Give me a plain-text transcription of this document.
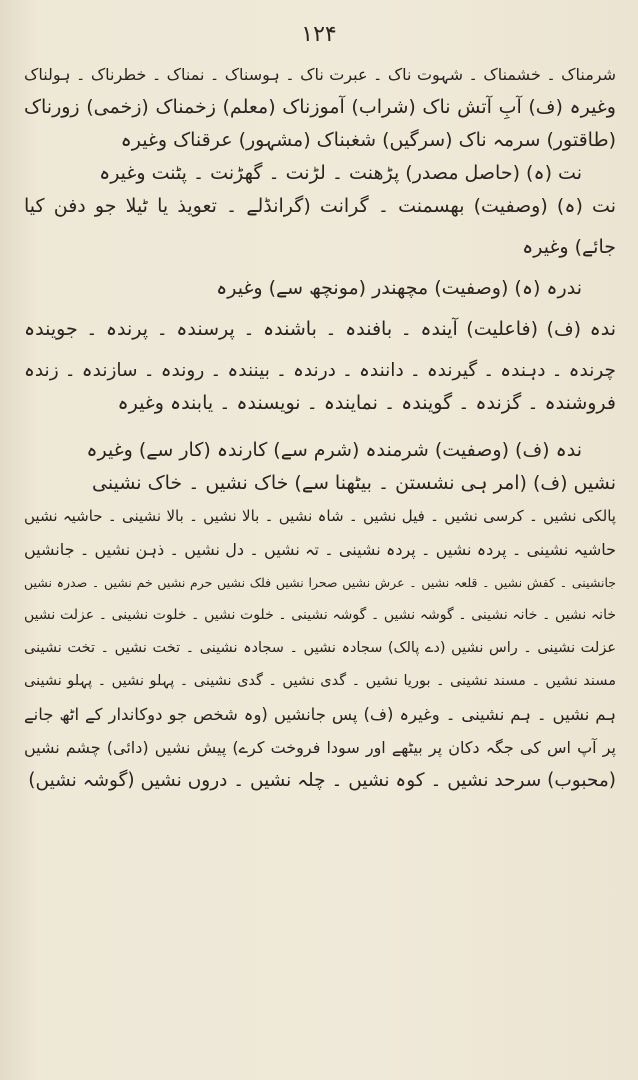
۱۲۴
شرمناک ۔ خشمناک ۔ شہوت ناک ۔ عبرت ناک ۔ ہوسناک ۔ نمناک ۔ خطرناک ۔ ہولناک
وغیرہ (ف) آبِ آتش ناک (شراب) آموزناک (معلم) زخمناک (زخمی) زورناک
(طاقتور) سرمہ ناک (سرگیں) شغبناک (مشہور) عرقناک وغیرہ
نت (ہ) (حاصل مصدر) پڑھنت ۔ لڑنت ۔ گھڑنت ۔ پٹنت وغیرہ
نت (ہ) (وصفیت) بھسمنت ۔ گرانت (گرانڈلے ۔ تعویذ یا ٹیلا جو دفن کیا
جائے) وغیرہ
ندرہ (ہ) (وصفیت) مچھندر (مونچھ سے) وغیرہ
ندہ (ف) (فاعلیت) آیندہ ۔ بافندہ ۔ باشندہ ۔ پرسندہ ۔ پرندہ ۔ جویندہ
چرندہ ۔ دہندہ ۔ گیرندہ ۔ دانندہ ۔ درندہ ۔ بینندہ ۔ روندہ ۔ سازندہ ۔ زندہ
فروشندہ ۔ گزندہ ۔ گویندہ ۔ نمایندہ ۔ نویسندہ ۔ یابندہ وغیرہ
ندہ (ف) (وصفیت) شرمندہ (شرم سے) کارندہ (کار سے) وغیرہ
نشیں (ف) (امر ہی نشستن ۔ بیٹھنا سے) خاک نشیں ۔ خاک نشینی
پالکی نشیں ۔ کرسی نشیں ۔ فیل نشیں ۔ شاہ نشیں ۔ بالا نشیں ۔ بالا نشینی ۔ حاشیہ نشیں
حاشیہ نشینی ۔ پردہ نشیں ۔ پردہ نشینی ۔ تہ نشیں ۔ دل نشیں ۔ ذہن نشیں ۔ جانشیں
جانشینی ۔ کفش نشیں ۔ قلعہ نشیں ۔ عرش نشیں صحرا نشیں فلک نشیں حرم نشیں خم نشیں ۔ صدرہ نشیں
خانہ نشیں ۔ خانہ نشینی ۔ گوشہ نشیں ۔ گوشہ نشینی ۔ خلوت نشیں ۔ خلوت نشینی ۔ عزلت نشیں
عزلت نشینی ۔ راس نشیں (دے پالک) سجادہ نشیں ۔ سجادہ نشینی ۔ تخت نشیں ۔ تخت نشینی
مسند نشیں ۔ مسند نشینی ۔ بوریا نشیں ۔ گدی نشیں ۔ گدی نشینی ۔ پہلو نشیں ۔ پہلو نشینی
ہم نشیں ۔ ہم نشینی ۔ وغیرہ (ف) پس جانشیں (وہ شخص جو دوکاندار کے اٹھ جانے
پر آپ اس کی جگہ دکان پر بیٹھے اور سودا فروخت کرے) پیش نشیں (دائی) چشم نشیں
(محبوب) سرحد نشیں ۔ کوہ نشیں ۔ چلہ نشیں ۔ دروں نشیں (گوشہ نشیں)
